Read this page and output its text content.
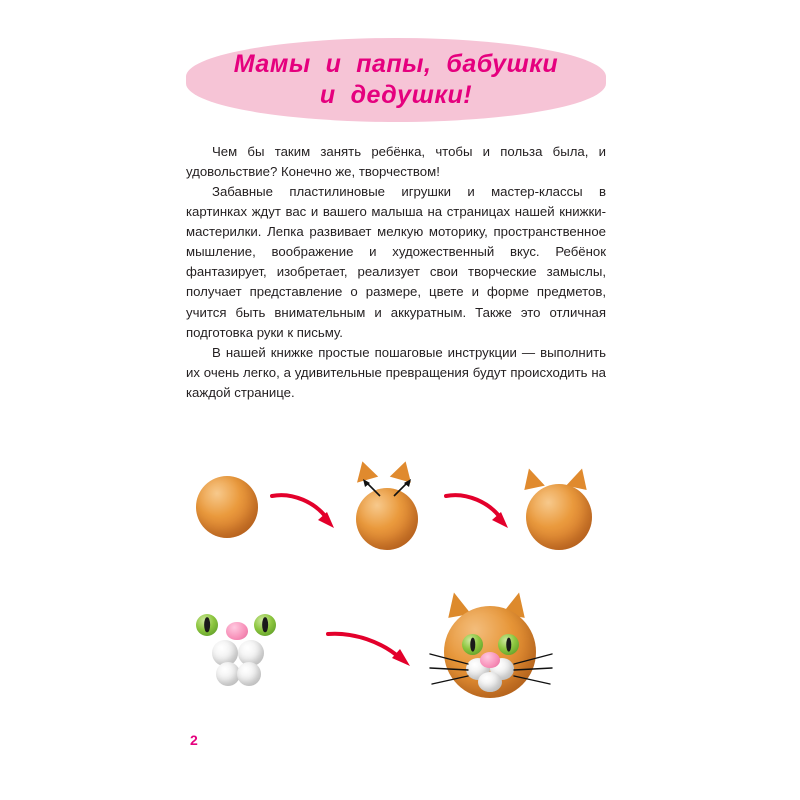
Мамы  и  папы,  бабушки
и  дедушки!

Чем бы таким занять ребёнка, чтобы и польза была, и удовольствие? Конечно же, творчеством!

Забавные пластилиновые игрушки и мастер-классы в картинках ждут вас и вашего малыша на страницах нашей книжки-мастерилки. Лепка развивает мелкую моторику, пространственное мышление, воображение и художественный вкус. Ребёнок фантазирует, изобретает, реализует свои творческие замыслы, получает представление о размере, цвете и форме предметов, учится быть внимательным и аккуратным. Также это отличная подготовка руки к письму.

В нашей книжке простые пошаговые инструкции — выполнить их очень легко, а удивительные превращения будут происходить на каждой странице.

2
